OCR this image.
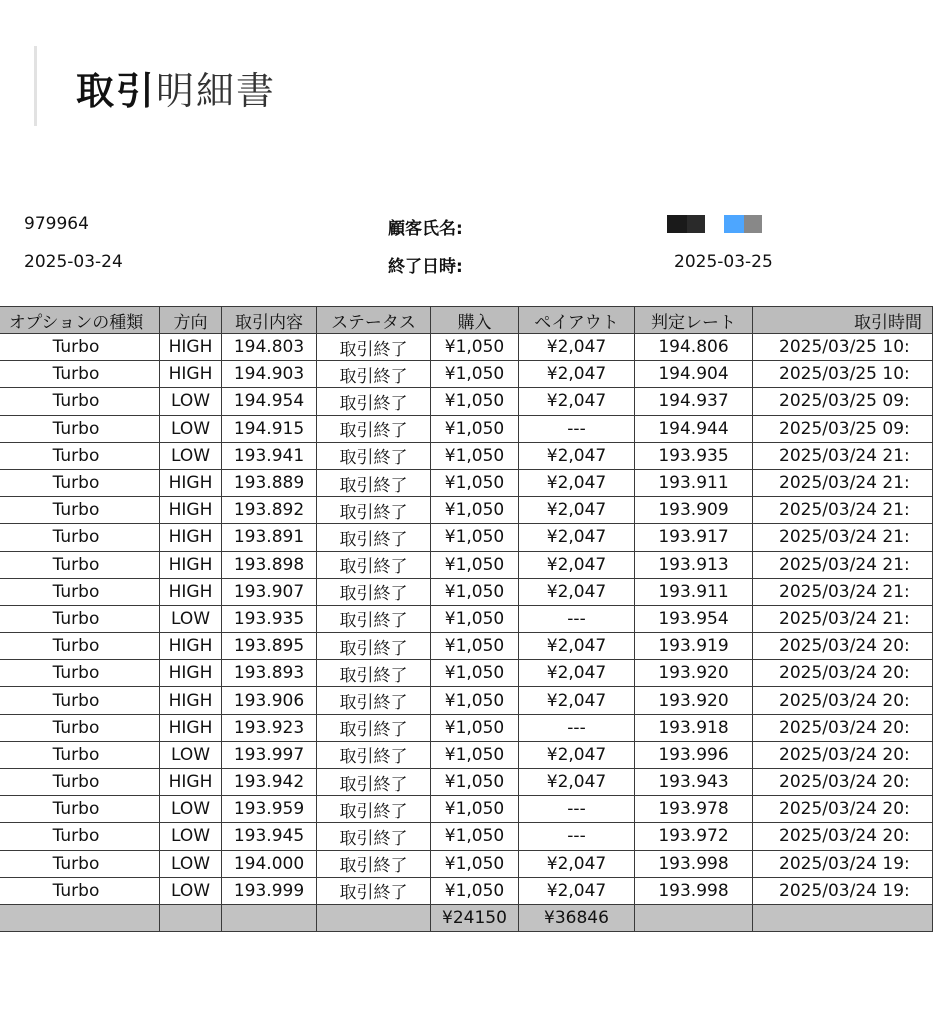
取引明細書
979964
2025-03-24
顧客氏名:
終了日時:	2025-03-25
オプションの種類	方向	取引内容	ステータス	購入	ペイアウト	判定レート	取引時間
Turbo	HIGH	194.803	取引終了	¥1,050	¥2,047	194.806	2025/03/25 10:
Turbo	HIGH	194.903	取引終了	¥1,050	¥2,047	194.904	2025/03/25 10:
Turbo	LOW	194.954	取引終了	¥1,050	¥2,047	194.937	2025/03/25 09:
Turbo	LOW	194.915	取引終了	¥1,050	---	194.944	2025/03/25 09:
Turbo	LOW	193.941	取引終了	¥1,050	¥2,047	193.935	2025/03/24 21:
Turbo	HIGH	193.889	取引終了	¥1,050	¥2,047	193.911	2025/03/24 21:
Turbo	HIGH	193.892	取引終了	¥1,050	¥2,047	193.909	2025/03/24 21:
Turbo	HIGH	193.891	取引終了	¥1,050	¥2,047	193.917	2025/03/24 21:
Turbo	HIGH	193.898	取引終了	¥1,050	¥2,047	193.913	2025/03/24 21:
Turbo	HIGH	193.907	取引終了	¥1,050	¥2,047	193.911	2025/03/24 21:
Turbo	LOW	193.935	取引終了	¥1,050	---	193.954	2025/03/24 21:
Turbo	HIGH	193.895	取引終了	¥1,050	¥2,047	193.919	2025/03/24 20:
Turbo	HIGH	193.893	取引終了	¥1,050	¥2,047	193.920	2025/03/24 20:
Turbo	HIGH	193.906	取引終了	¥1,050	¥2,047	193.920	2025/03/24 20:
Turbo	HIGH	193.923	取引終了	¥1,050	---	193.918	2025/03/24 20:
Turbo	LOW	193.997	取引終了	¥1,050	¥2,047	193.996	2025/03/24 20:
Turbo	HIGH	193.942	取引終了	¥1,050	¥2,047	193.943	2025/03/24 20:
Turbo	LOW	193.959	取引終了	¥1,050	---	193.978	2025/03/24 20:
Turbo	LOW	193.945	取引終了	¥1,050	---	193.972	2025/03/24 20:
Turbo	LOW	194.000	取引終了	¥1,050	¥2,047	193.998	2025/03/24 19:
Turbo	LOW	193.999	取引終了	¥1,050	¥2,047	193.998	2025/03/24 19:
				¥24150	¥36846		
